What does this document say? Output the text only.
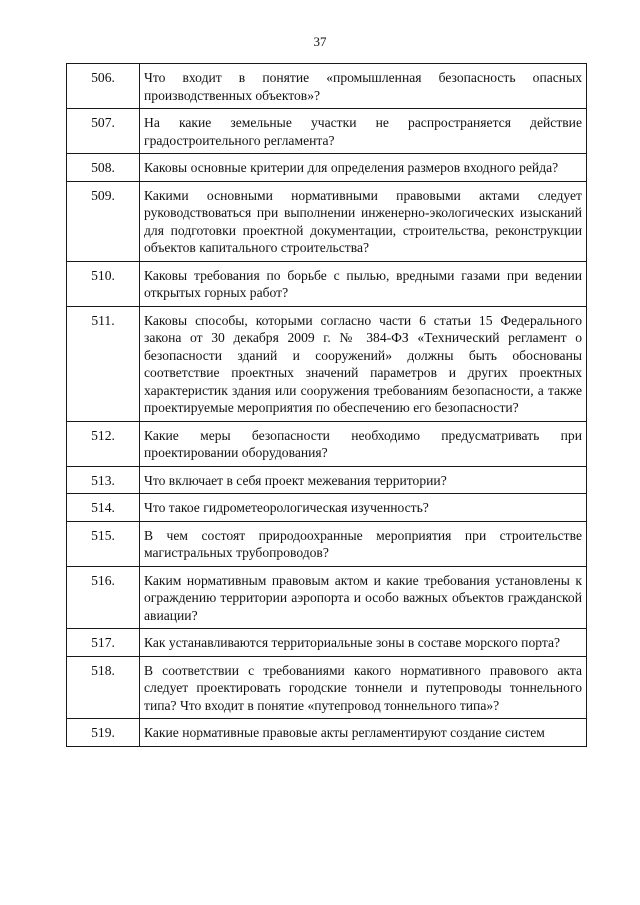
37
506.	Что входит в понятие «промышленная безопасность опасных производственных объектов»?
507.	На какие земельные участки не распространяется действие градостроительного регламента?
508.	Каковы основные критерии для определения размеров входного рейда?
509.	Какими основными нормативными правовыми актами следует руководствоваться при выполнении инженерно-экологических изысканий для подготовки проектной документации, строительства, реконструкции объектов капитального строительства?
510.	Каковы требования по борьбе с пылью, вредными газами при ведении открытых горных работ?
511.	Каковы способы, которыми согласно части 6 статьи 15 Федерального закона от 30 декабря 2009 г. № 384-ФЗ «Технический регламент о безопасности зданий и сооружений» должны быть обоснованы соответствие проектных значений параметров и других проектных характеристик здания или сооружения требованиям безопасности, а также проектируемые мероприятия по обеспечению его безопасности?
512.	Какие меры безопасности необходимо предусматривать при проектировании оборудования?
513.	Что включает в себя проект межевания территории?
514.	Что такое гидрометеорологическая изученность?
515.	В чем состоят природоохранные мероприятия при строительстве магистральных трубопроводов?
516.	Каким нормативным правовым актом и какие требования установлены к ограждению территории аэропорта и особо важных объектов гражданской авиации?
517.	Как устанавливаются территориальные зоны в составе морского порта?
518.	В соответствии с требованиями какого нормативного правового акта следует проектировать городские тоннели и путепроводы тоннельного типа? Что входит в понятие «путепровод тоннельного типа»?
519.	Какие нормативные правовые акты регламентируют создание систем
